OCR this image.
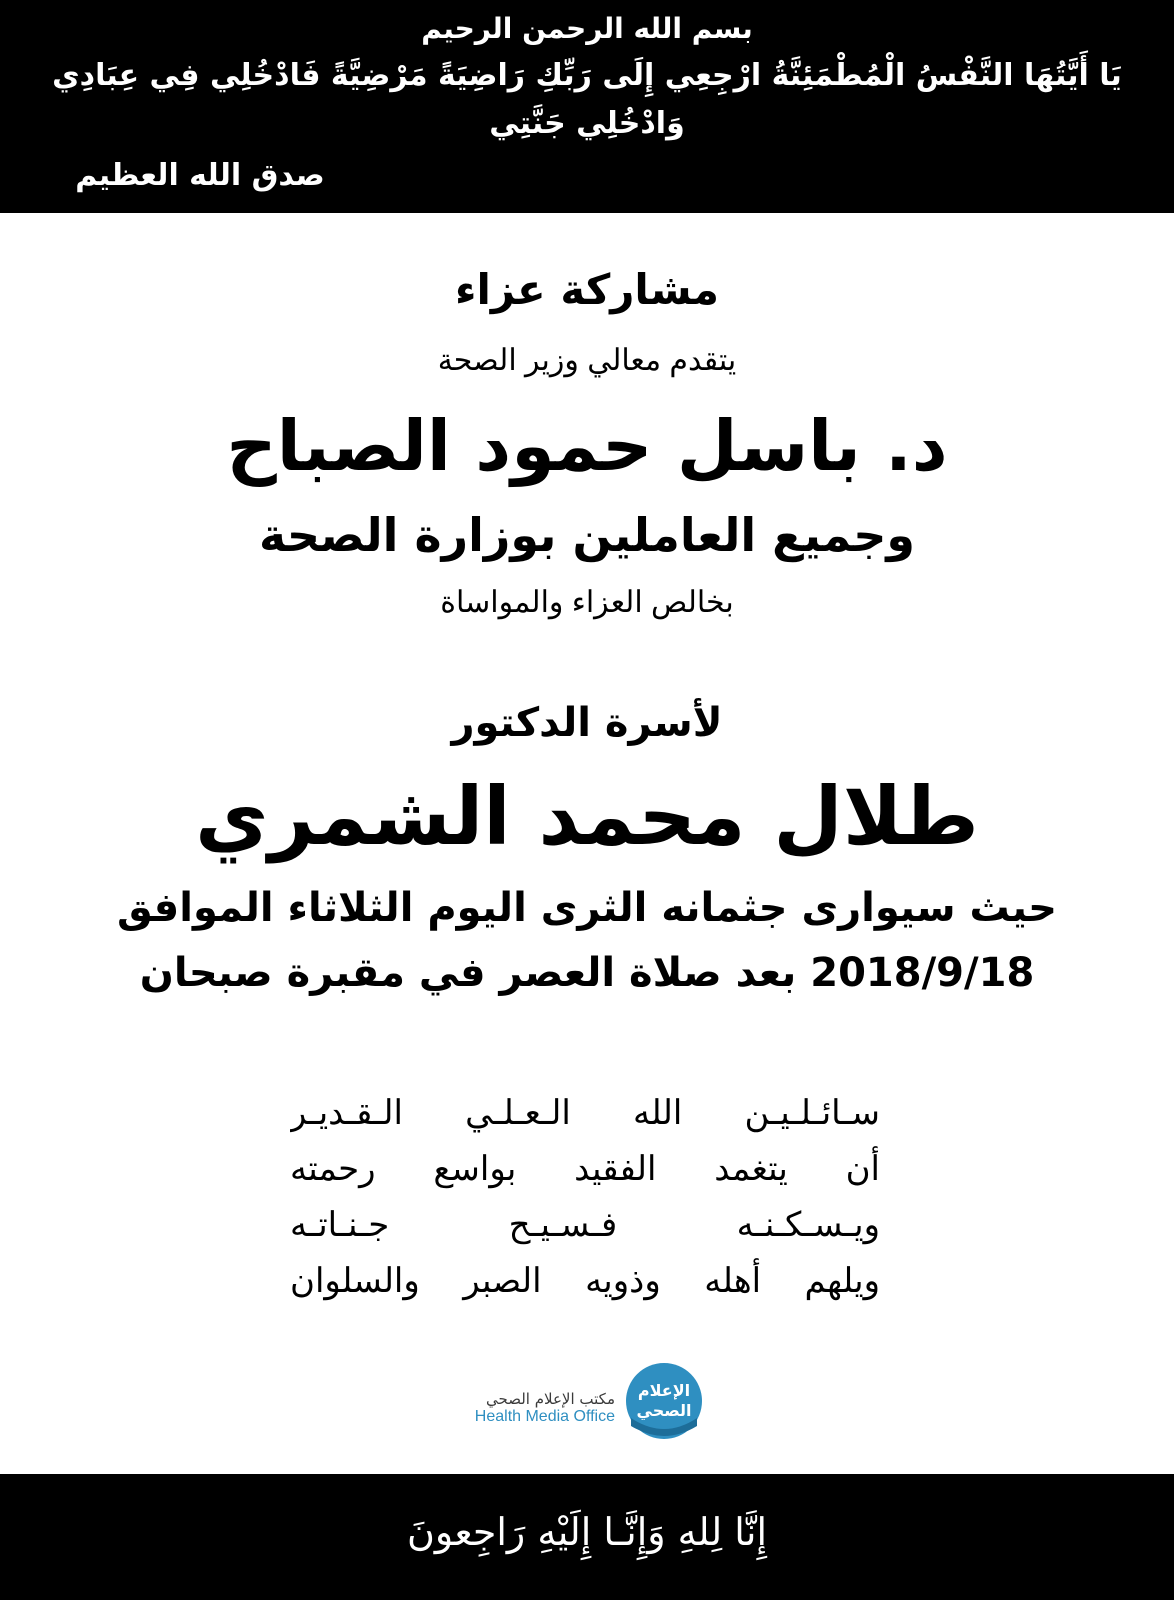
بسم الله الرحمن الرحيم
يَا أَيَّتُهَا النَّفْسُ الْمُطْمَئِنَّةُ ارْجِعِي إِلَى رَبِّكِ رَاضِيَةً مَرْضِيَّةً فَادْخُلِي فِي عِبَادِي
وَادْخُلِي جَنَّتِي
صدق الله العظيم
مشاركة عزاء
يتقدم معالي وزير الصحة
د. باسل حمود الصباح
وجميع العاملين بوزارة الصحة
بخالص العزاء والمواساة
لأسرة الدكتور
طلال محمد الشمري
حيث سيوارى جثمانه الثرى اليوم الثلاثاء الموافق
2018/9/18 بعد صلاة العصر في مقبرة صبحان
سـائـلـيـن الله الـعـلـي الـقـديـر
أن يتغمد الفقيد بواسع رحمته
ويـسـكـنـه فـسـيـح جـنـاتـه
ويلهم أهله وذويه الصبر والسلوان
مكتب الإعلام الصحي
Health Media Office
الإعلام
الصحي
إِنَّا لِلهِ وَإِنَّـا إِلَيْهِ رَاجِعونَ
